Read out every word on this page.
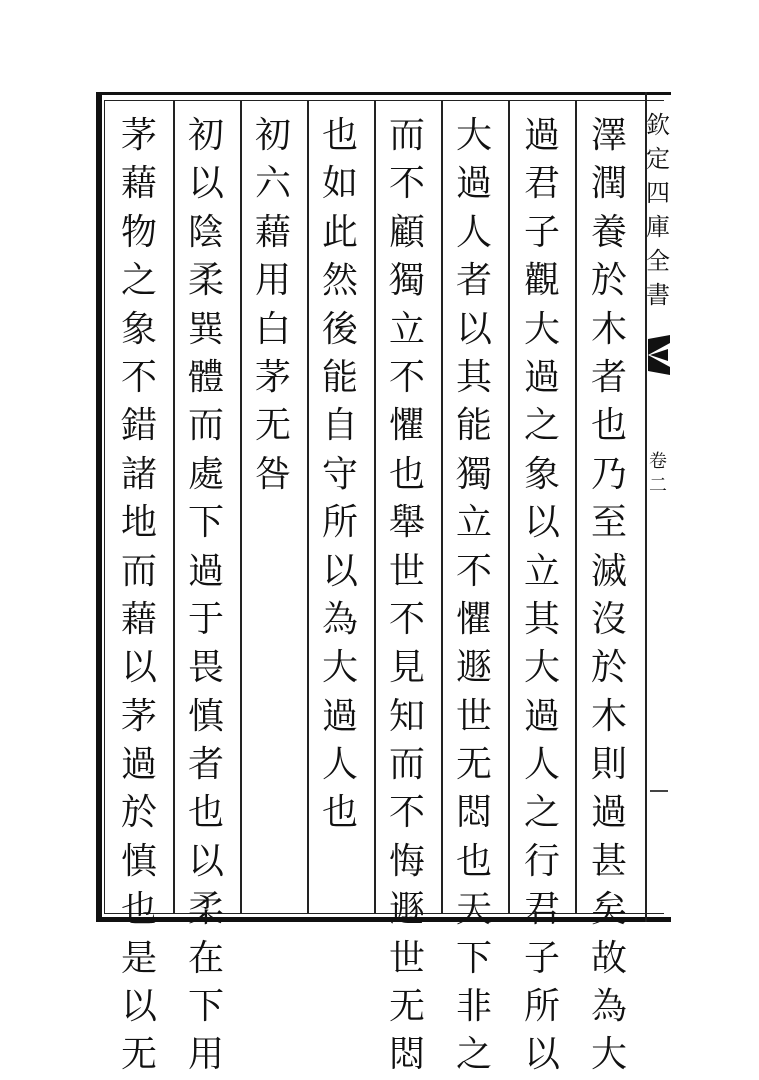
澤
潤
養
於
木
者
也
乃
至
滅
沒
於
木
則
過
甚
矣
故
為
大
過
君
子
觀
大
過
之
象
以
立
其
大
過
人
之
行
君
子
所
以
大
過
人
者
以
其
能
獨
立
不
懼
遯
世
无
悶
也
天
下
非
之
而
不
顧
獨
立
不
懼
也
舉
世
不
見
知
而
不
悔
遯
世
无
悶
也
如
此
然
後
能
自
守
所
以
為
大
過
人
也
初
六
藉
用
白
茅
无
咎
初
以
陰
柔
巽
體
而
處
下
過
于
畏
慎
者
也
以
柔
在
下
用
茅
藉
物
之
象
不
錯
諸
地
而
藉
以
茅
過
於
慎
也
是
以
无
欽
定
四
庫
全
書
卷
二
